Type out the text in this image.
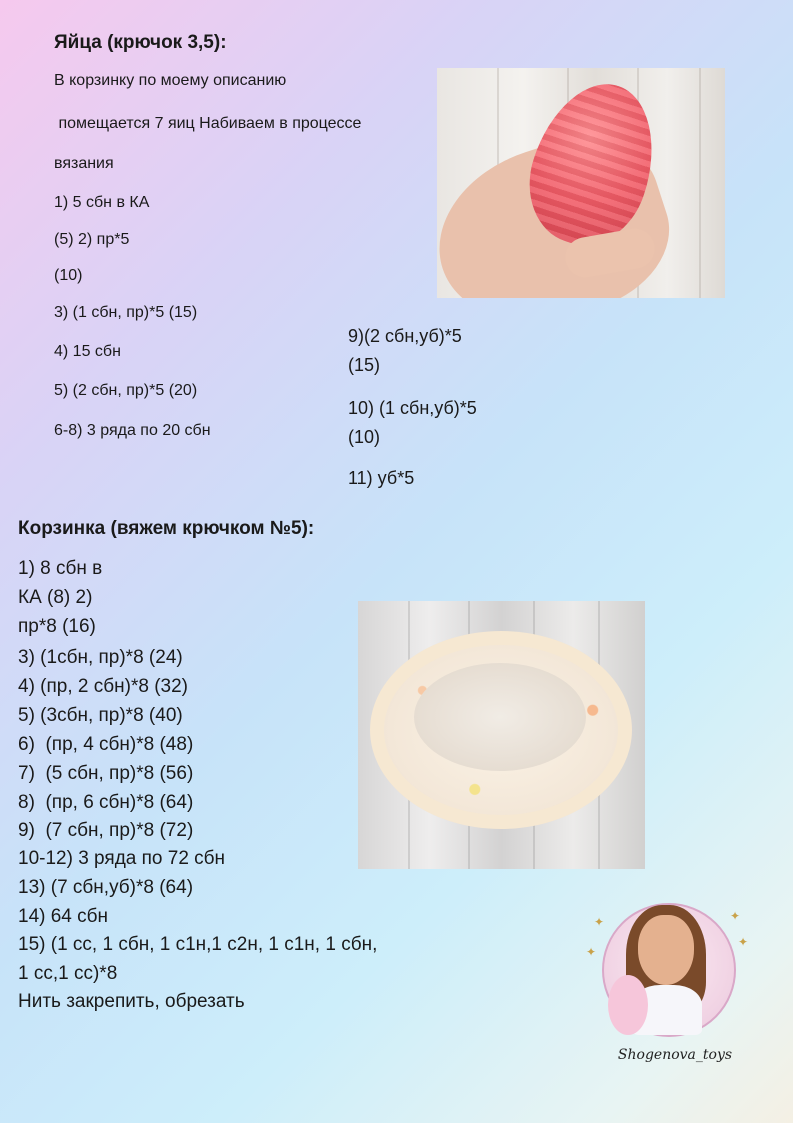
Яйца (крючок 3,5):
В корзинку по моему описанию
помещается 7 яиц Набиваем в процессе
вязания
1) 5 сбн в КА
(5) 2) пр*5
(10)
3) (1 сбн, пр)*5 (15)
4) 15 сбн
5) (2 сбн, пр)*5 (20)
6-8) 3 ряда по 20 сбн
9)(2 сбн,уб)*5
(15)
10) (1 сбн,уб)*5
(10)
11) уб*5
Корзинка (вяжем крючком №5):
1) 8 сбн в
КА (8) 2)
пр*8 (16)
3) (1сбн, пр)*8 (24)
4) (пр, 2 сбн)*8 (32)
5) (3сбн, пр)*8 (40)
6)  (пр, 4 сбн)*8 (48)
7)  (5 сбн, пр)*8 (56)
8)  (пр, 6 сбн)*8 (64)
9)  (7 сбн, пр)*8 (72)
10-12) 3 ряда по 72 сбн
13) (7 сбн,уб)*8 (64)
14) 64 сбн
15) (1 сс, 1 сбн, 1 с1н,1 с2н, 1 с1н, 1 сбн,
1 сс,1 сс)*8
Нить закрепить, обрезать
✦	✦
✦
✦
Shogenova_toys
